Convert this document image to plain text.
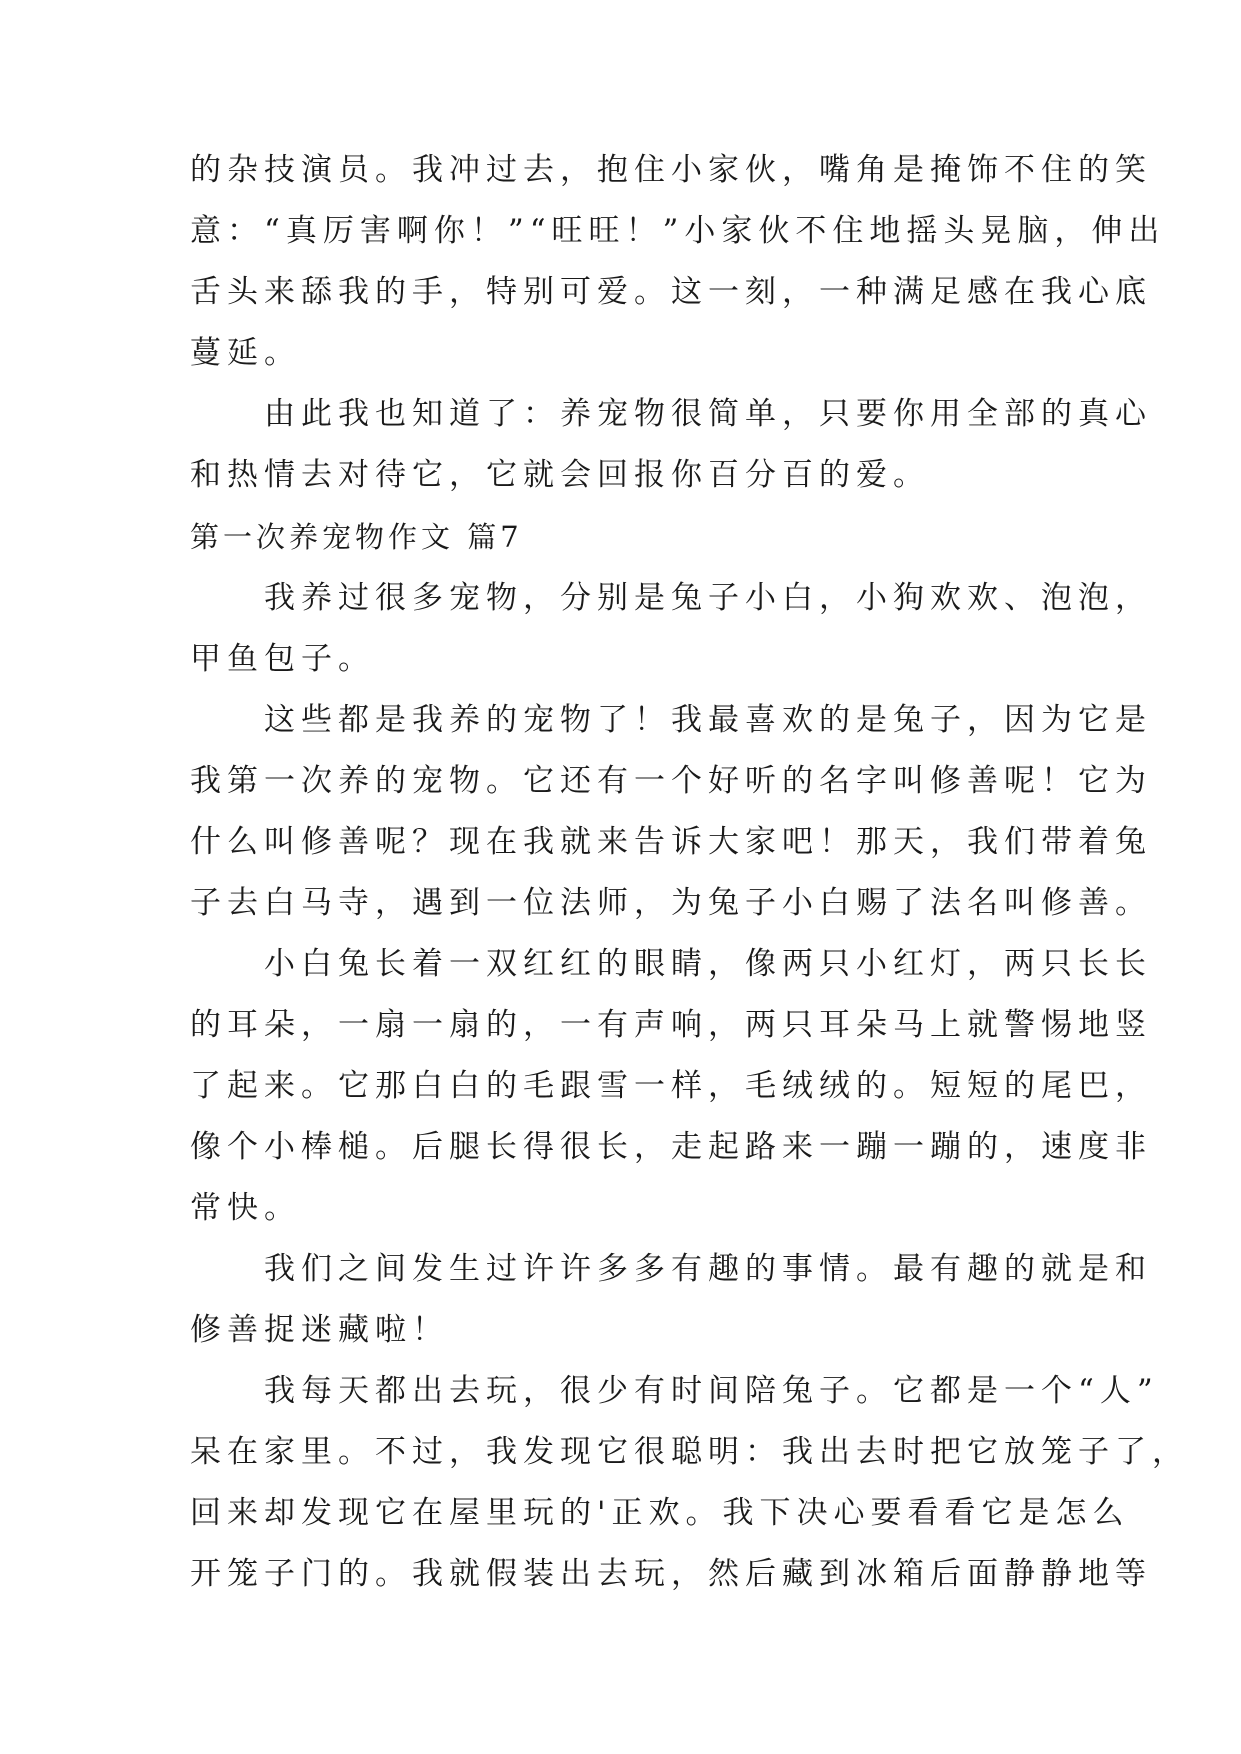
的杂技演员。我冲过去，抱住小家伙，嘴角是掩饰不住的笑
意：“真厉害啊你！”“旺旺！”小家伙不住地摇头晃脑，伸出
舌头来舔我的手，特别可爱。这一刻，一种满足感在我心底
蔓延。
　　由此我也知道了：养宠物很简单，只要你用全部的真心
和热情去对待它，它就会回报你百分百的爱。
第一次养宠物作文 篇7
　　我养过很多宠物，分别是兔子小白，小狗欢欢、泡泡，
甲鱼包子。
　　这些都是我养的宠物了！我最喜欢的是兔子，因为它是
我第一次养的宠物。它还有一个好听的名字叫修善呢！它为
什么叫修善呢？现在我就来告诉大家吧！那天，我们带着兔
子去白马寺，遇到一位法师，为兔子小白赐了法名叫修善。
　　小白兔长着一双红红的眼睛，像两只小红灯，两只长长
的耳朵，一扇一扇的，一有声响，两只耳朵马上就警惕地竖
了起来。它那白白的毛跟雪一样，毛绒绒的。短短的尾巴，
像个小棒槌。后腿长得很长，走起路来一蹦一蹦的，速度非
常快。
　　我们之间发生过许许多多有趣的事情。最有趣的就是和
修善捉迷藏啦！
　　我每天都出去玩，很少有时间陪兔子。它都是一个“人”
呆在家里。不过，我发现它很聪明：我出去时把它放笼子了，
回来却发现它在屋里玩的'正欢。我下决心要看看它是怎么
开笼子门的。我就假装出去玩，然后藏到冰箱后面静静地等
